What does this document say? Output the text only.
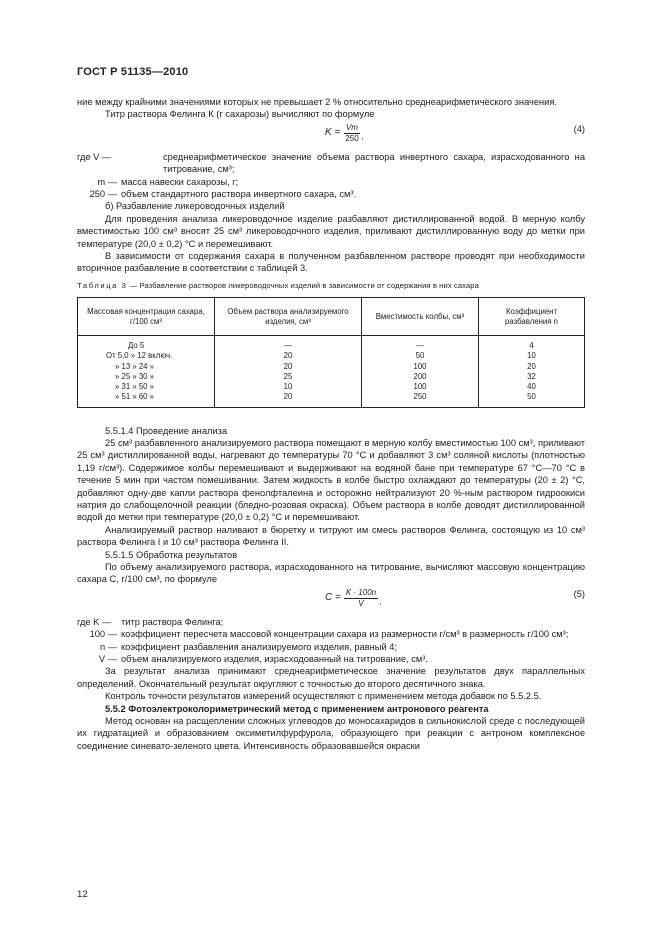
ГОСТ Р 51135—2010

ние между крайними значениями которых не превышает 2 % относительно среднеарифметического значения.

Титр раствора Фелинга К (г сахарозы) вычисляют по формуле

$K = \frac{Vm}{250}$ ,
(4)
где V —	среднеарифметическое значение объема раствора инвертного сахара, израсходованного на титрование, см³;
m — масса навески сахарозы, г;
250 — объем стандартного раствора инвертного сахара, см³.

б) Разбавление ликероводочных изделий

Для проведения анализа ликероводочное изделие разбавляют дистиллированной водой. В мерную колбу вместимостью 100 см³ вносят 25 см³ ликероводочного изделия, приливают дистиллированную воду до метки при температуре (20,0 ± 0,2) °С и перемешивают.

В зависимости от содержания сахара в полученном разбавленном растворе проводят при необходимости вторичное разбавление в соответствии с таблицей 3.

Таблица 3 — Разбавление растворов ликероводочных изделий в зависимости от содержания в них сахара
Массовая концентрация сахара, г/100 см³	Объем раствора анализируемого изделия, см³	Вместимость колбы, см³	Коэффициент разбавления n
До 5	—	—	4
От 5,0 » 12 включ.	20	50	10
» 13 » 24 »	20	100	20
» 25 » 30 »	25	200	32
» 31 » 50 »	10	100	40
» 51 » 60 »	20	250	50

5.5.1.4 Проведение анализа

25 см³ разбавленного анализируемого раствора помещают в мерную колбу вместимостью 100 см³, приливают 25 см³ дистиллированной воды, нагревают до температуры 70 °С и добавляют 3 см³ соляной кислоты (плотностью 1,19 г/см³). Содержимое колбы перемешивают и выдерживают на водяной бане при температуре 67 °С—70 °С в течение 5 мин при частом помешивании. Затем жидкость в колбе быстро охлаждают до температуры (20 ± 2) °С, добавляют одну-две капли раствора фенолфталеина и осторожно нейтрализуют 20 %-ным раствором гидроокиси натрия до слабощелочной реакции (бледно-розовая окраска). Объем раствора в колбе доводят дистиллированной водой до метки при температуре (20,0 ± 0,2) °С и перемешивают.

Анализируемый раствор наливают в бюретку и титруют им смесь растворов Фелинга, состоящую из 10 см³ раствора Фелинга I и 10 см³ раствора Фелинга II.

5.5.1.5 Обработка результатов

По объему анализируемого раствора, израсходованного на титрование, вычисляют массовую концентрацию сахара С, г/100 см³, по формуле

$C = \frac{K \cdot 100n}{V}$ ,
(5)
где K —	титр раствора Фелинга;
100 — коэффициент пересчета массовой концентрации сахара из размерности г/см³ в размерность г/100 см³;
n — коэффициент разбавления анализируемого изделия, равный 4;
V — объем анализируемого изделия, израсходованный на титрование, см³.

За результат анализа принимают среднеарифметическое значение результатов двух параллельных определений. Окончательный результат округляют с точностью до второго десятичного знака.

Контроль точности результатов измерений осуществляют с применением метода добавок по 5.5.2.5.

5.5.2 Фотоэлектроколориметрический метод с применением антронового реагента

Метод основан на расщеплении сложных углеводов до моносахаридов в сильнокислой среде с последующей их гидратацией и образованием оксиметилфурфурола, образующего при реакции с антроном комплексное соединение синевато-зеленого цвета. Интенсивность образовавшейся окраски

12
